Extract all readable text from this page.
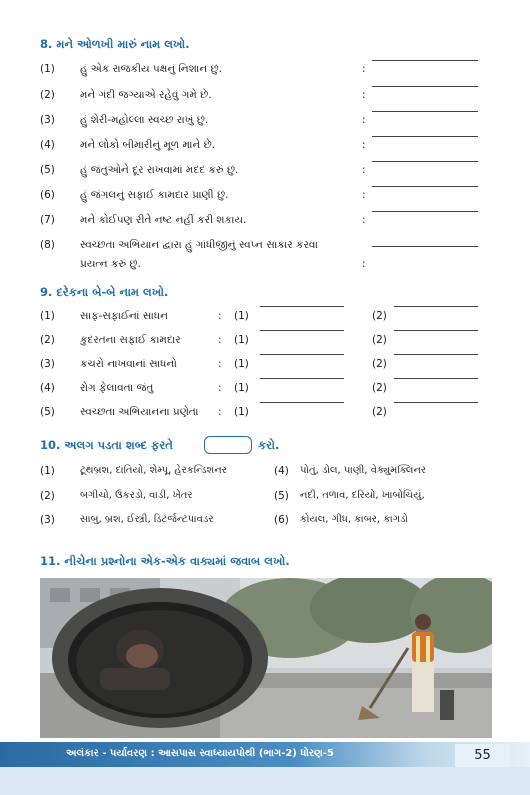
8. મને ઓળખી મારું નામ લખો.
(1)	હું એક રાજકીય પક્ષનું નિશાન છું.	:
(2)	મને ગંદી જગ્યાએ રહેવું ગમે છે.	:
(3)	હું શેરી-મહોલ્લા સ્વચ્છ રાખું છું.	:
(4)	મને લોકો બીમારીનું મૂળ માને છે.	:
(5)	હું જંતુઓને દૂર રાખવામાં મદદ કરું છું.	:
(6)	હું જંગલનું સફાઈ કામદાર પ્રાણી છું.	:
(7)	મને કોઈપણ રીતે નષ્ટ નહીં કરી શકાય.	:
(8)	સ્વચ્છતા અભિયાન દ્વારા હું ગાંધીજીનું સ્વપ્ન સાકાર કરવા
પ્રયત્ન કરું છું.	:
9. દરેકના બે-બે નામ લખો.
(1)	સાફ-સફાઈનાં સાધન	: (1)	(2)
(2)	કુદરતના સફાઈ કામદાર	: (1)	(2)
(3)	કચરો નાખવાનાં સાધનો	: (1)	(2)
(4)	રોગ ફેલાવતા જંતુ	: (1)	(2)
(5)	સ્વચ્છતા અભિયાનના પ્રણેતા : (1)	(2)
10. અલગ પડતા શબ્દ ફરતે	કરો.
(1)	ટૂથબ્રશ, દાંતિયો, શેમ્પૂ, હેરકન્ડિશનર	(4) પોતું, ડોલ, પાણી, વેક્યુમક્લિનર
(2)	બગીચો, ઉકરડો, વાડી, ખેતર	(5) નદી, તળાવ, દરિયો, ખાબોચિયું,
(3)	સાબુ, બ્રશ, ઈસ્ત્રી, ડિટર્જન્ટપાવડર	(6) કોયલ, ગીધ, કાબર, કાગડો
11. નીચેના પ્રશ્નોના એક-એક વાક્યમાં જવાબ લખો.
અલંકાર - પર્યાવરણ : આસપાસ સ્વાધ્યાયપોથી (ભાગ-2) ધોરણ-5	55
